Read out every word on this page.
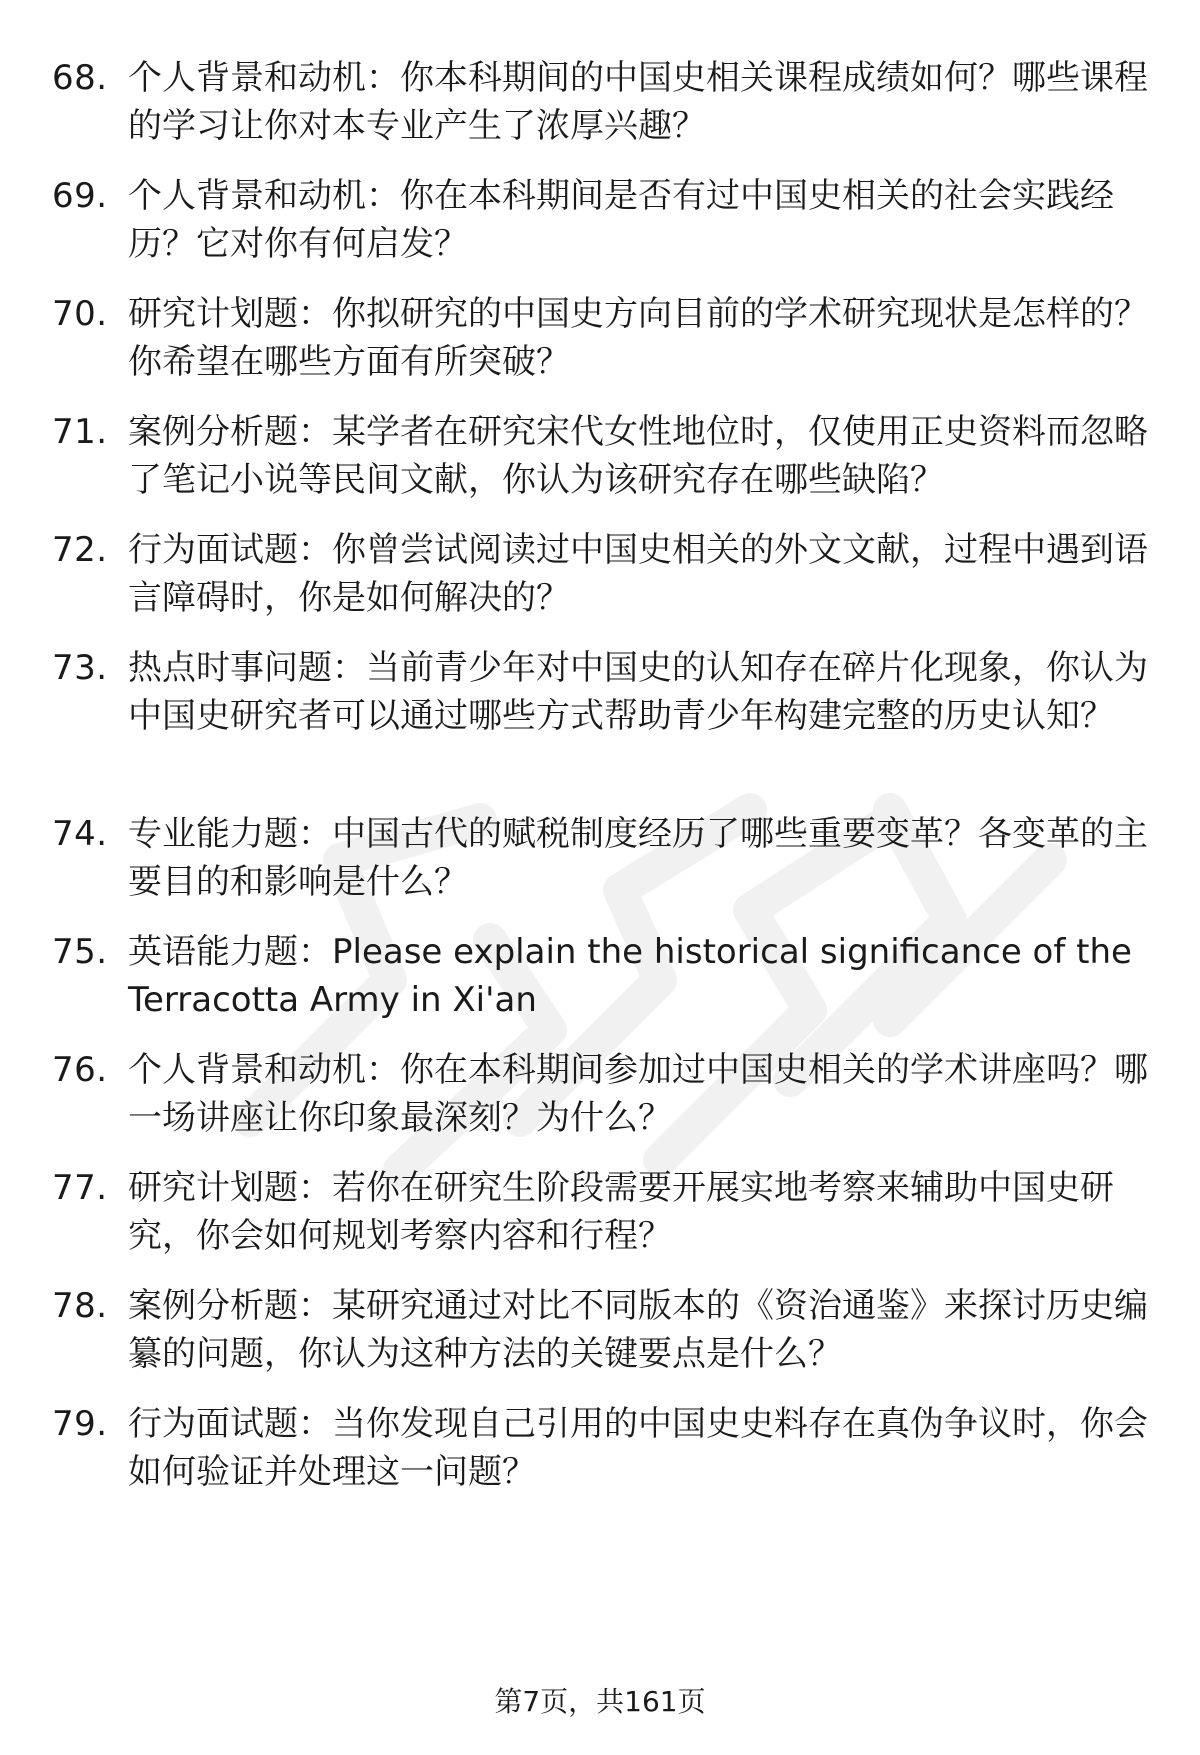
68. 个人背景和动机：你本科期间的中国史相关课程成绩如何？哪些课程的学习让你对本专业产生了浓厚兴趣？
69. 个人背景和动机：你在本科期间是否有过中国史相关的社会实践经历？它对你有何启发？
70. 研究计划题：你拟研究的中国史方向目前的学术研究现状是怎样的？你希望在哪些方面有所突破？
71. 案例分析题：某学者在研究宋代女性地位时，仅使用正史资料而忽略了笔记小说等民间文献，你认为该研究存在哪些缺陷？
72. 行为面试题：你曾尝试阅读过中国史相关的外文文献，过程中遇到语言障碍时，你是如何解决的？
73. 热点时事问题：当前青少年对中国史的认知存在碎片化现象，你认为中国史研究者可以通过哪些方式帮助青少年构建完整的历史认知？
74. 专业能力题：中国古代的赋税制度经历了哪些重要变革？各变革的主要目的和影响是什么？
75. 英语能力题：Please explain the historical significance of the Terracotta Army in Xi'an
76. 个人背景和动机：你在本科期间参加过中国史相关的学术讲座吗？哪一场讲座让你印象最深刻？为什么？
77. 研究计划题：若你在研究生阶段需要开展实地考察来辅助中国史研究，你会如何规划考察内容和行程？
78. 案例分析题：某研究通过对比不同版本的《资治通鉴》来探讨历史编纂的问题，你认为这种方法的关键要点是什么？
79. 行为面试题：当你发现自己引用的中国史史料存在真伪争议时，你会如何验证并处理这一问题？
第7页，共161页
